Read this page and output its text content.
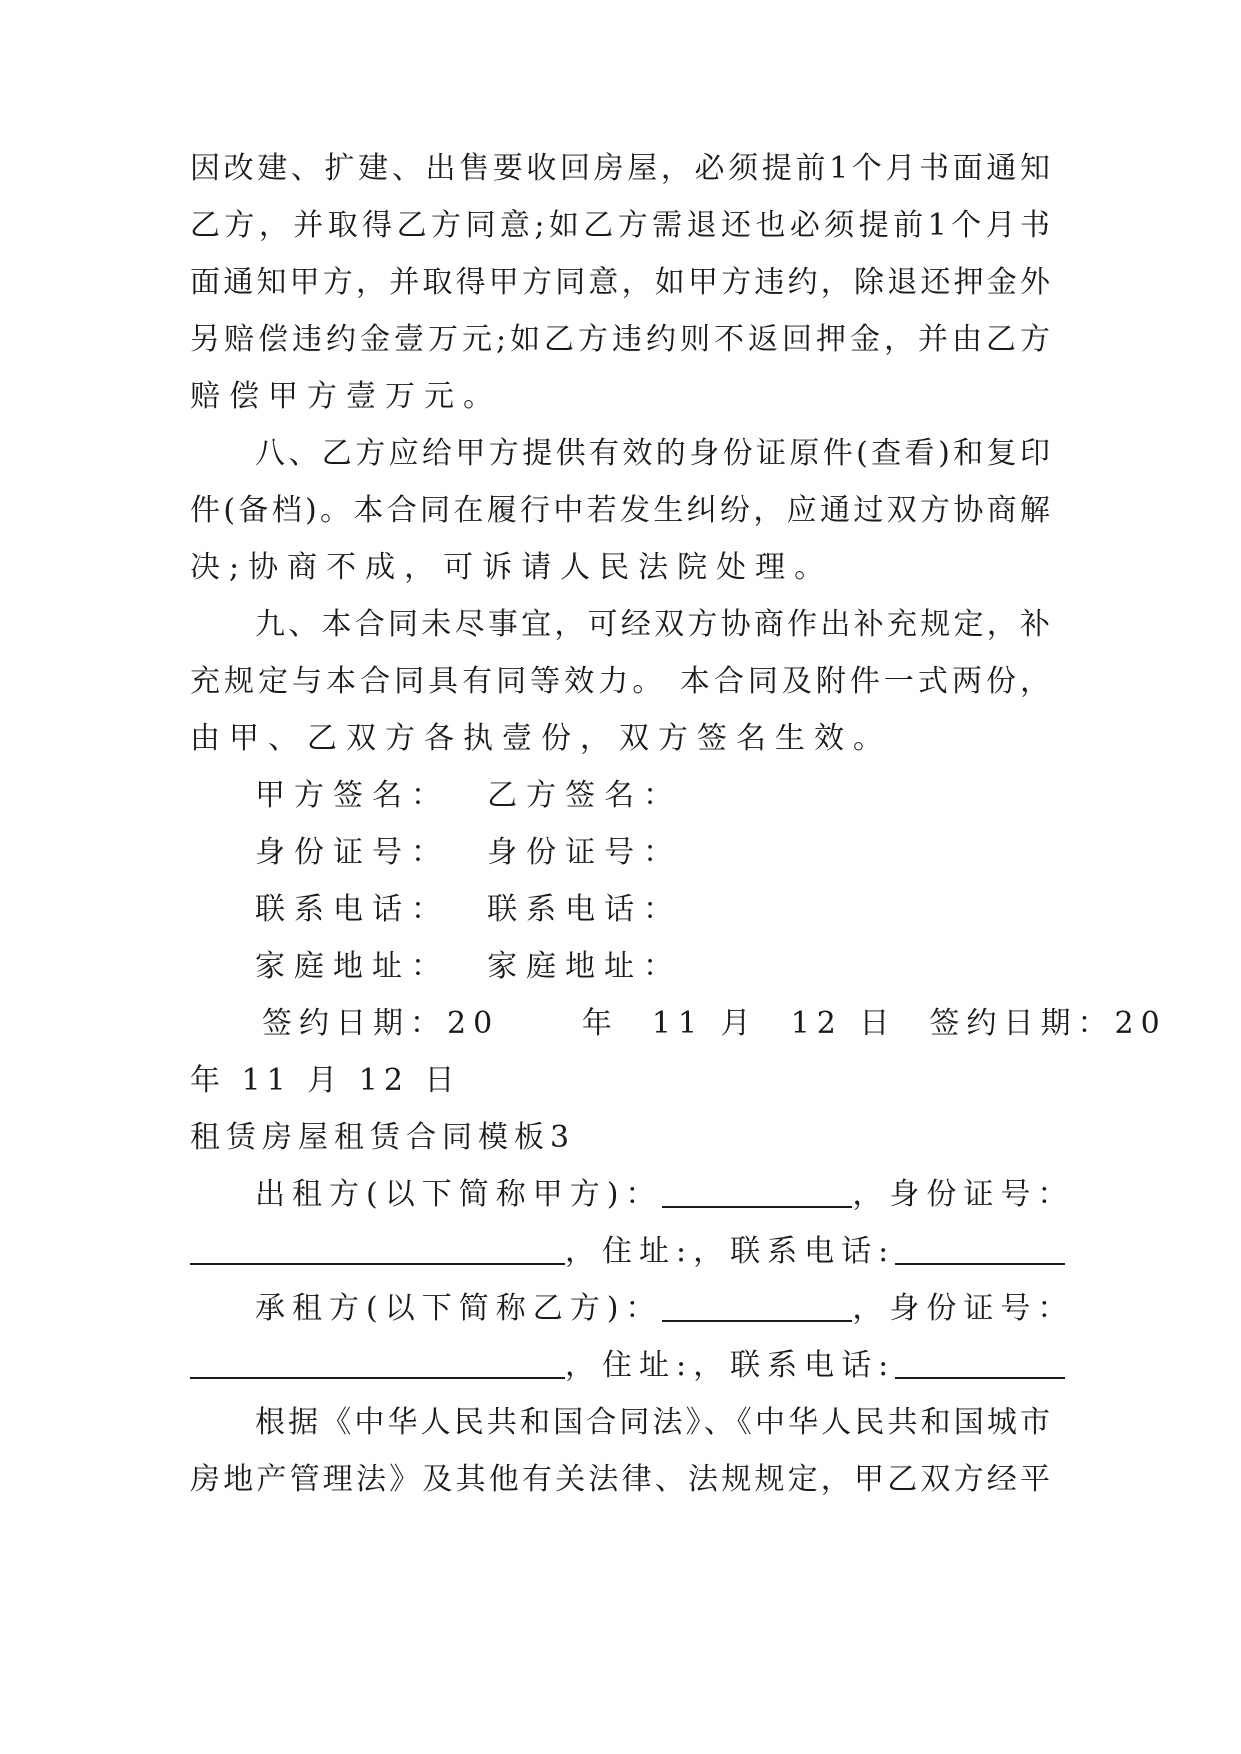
因改建、扩建、出售要收回房屋，必须提前1个月书面通知
乙方，并取得乙方同意;如乙方需退还也必须提前1个月书
面通知甲方，并取得甲方同意，如甲方违约，除退还押金外
另赔偿违约金壹万元;如乙方违约则不返回押金，并由乙方
赔偿甲方壹万元。
八、乙方应给甲方提供有效的身份证原件(查看)和复印
件(备档)。本合同在履行中若发生纠纷，应通过双方协商解
决;协商不成，可诉请人民法院处理。
九、本合同未尽事宜，可经双方协商作出补充规定，补
充规定与本合同具有同等效力。 本合同及附件一式两份，
由甲、乙双方各执壹份，双方签名生效。
甲方签名：  乙方签名：
身份证号：  身份证号：
联系电话：  联系电话：
家庭地址：  家庭地址：
签约日期：20     年  11 月  12 日  签约日期：20
年 11 月 12 日
租赁房屋租赁合同模板3
出租方(以下简称甲方)：	，身份证号：
，住址:，联系电话:
承租方(以下简称乙方)：	，身份证号：
，住址:，联系电话:
根据《中华人民共和国合同法》、《中华人民共和国城市
房地产管理法》及其他有关法律、法规规定，甲乙双方经平
